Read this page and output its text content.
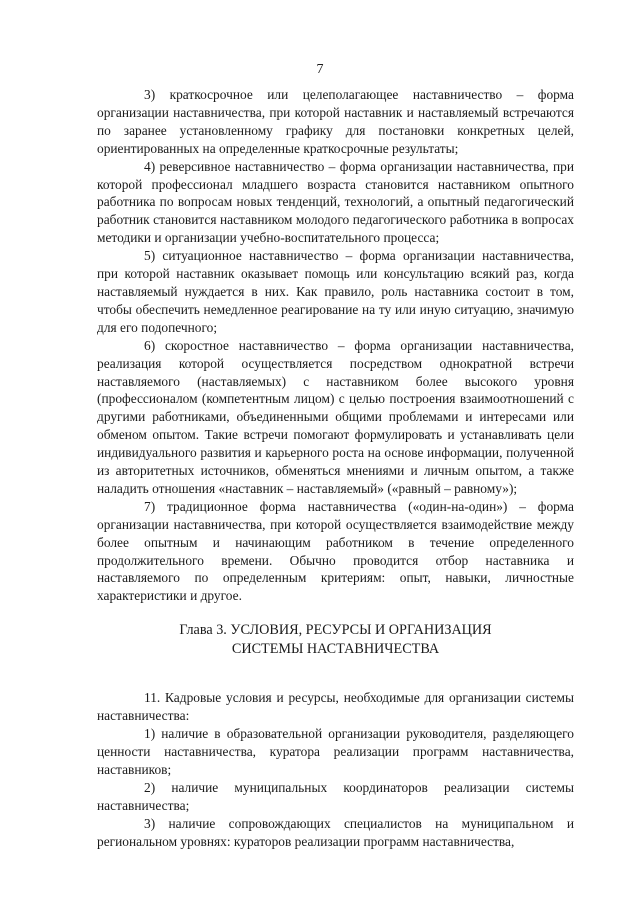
7

3) краткосрочное или целеполагающее наставничество – форма организации наставничества, при которой наставник и наставляемый встречаются по заранее установленному графику для постановки конкретных целей, ориентированных на определенные краткосрочные результаты;

4) реверсивное наставничество – форма организации наставничества, при которой профессионал младшего возраста становится наставником опытного работника по вопросам новых тенденций, технологий, а опытный педагогический работник становится наставником молодого педагогического работника в вопросах методики и организации учебно-воспитательного процесса;

5) ситуационное наставничество – форма организации наставничества, при которой наставник оказывает помощь или консультацию всякий раз, когда наставляемый нуждается в них. Как правило, роль наставника состоит в том, чтобы обеспечить немедленное реагирование на ту или иную ситуацию, значимую для его подопечного;

6) скоростное наставничество – форма организации наставничества, реализация которой осуществляется посредством однократной встречи наставляемого (наставляемых) с наставником более высокого уровня (профессионалом (компетентным лицом) с целью построения взаимоотношений с другими работниками, объединенными общими проблемами и интересами или обменом опытом. Такие встречи помогают формулировать и устанавливать цели индивидуального развития и карьерного роста на основе информации, полученной из авторитетных источников, обменяться мнениями и личным опытом, а также наладить отношения «наставник – наставляемый» («равный – равному»);

7) традиционное форма наставничества («один-на-один») – форма организации наставничества, при которой осуществляется взаимодействие между более опытным и начинающим работником в течение определенного продолжительного времени. Обычно проводится отбор наставника и наставляемого по определенным критериям: опыт, навыки, личностные характеристики и другое.

Глава 3. УСЛОВИЯ, РЕСУРСЫ И ОРГАНИЗАЦИЯ
СИСТЕМЫ НАСТАВНИЧЕСТВА

11. Кадровые условия и ресурсы, необходимые для организации системы наставничества:

1) наличие в образовательной организации руководителя, разделяющего ценности наставничества, куратора реализации программ наставничества, наставников;

2) наличие муниципальных координаторов реализации системы наставничества;

3) наличие сопровождающих специалистов на муниципальном и региональном уровнях: кураторов реализации программ наставничества,
